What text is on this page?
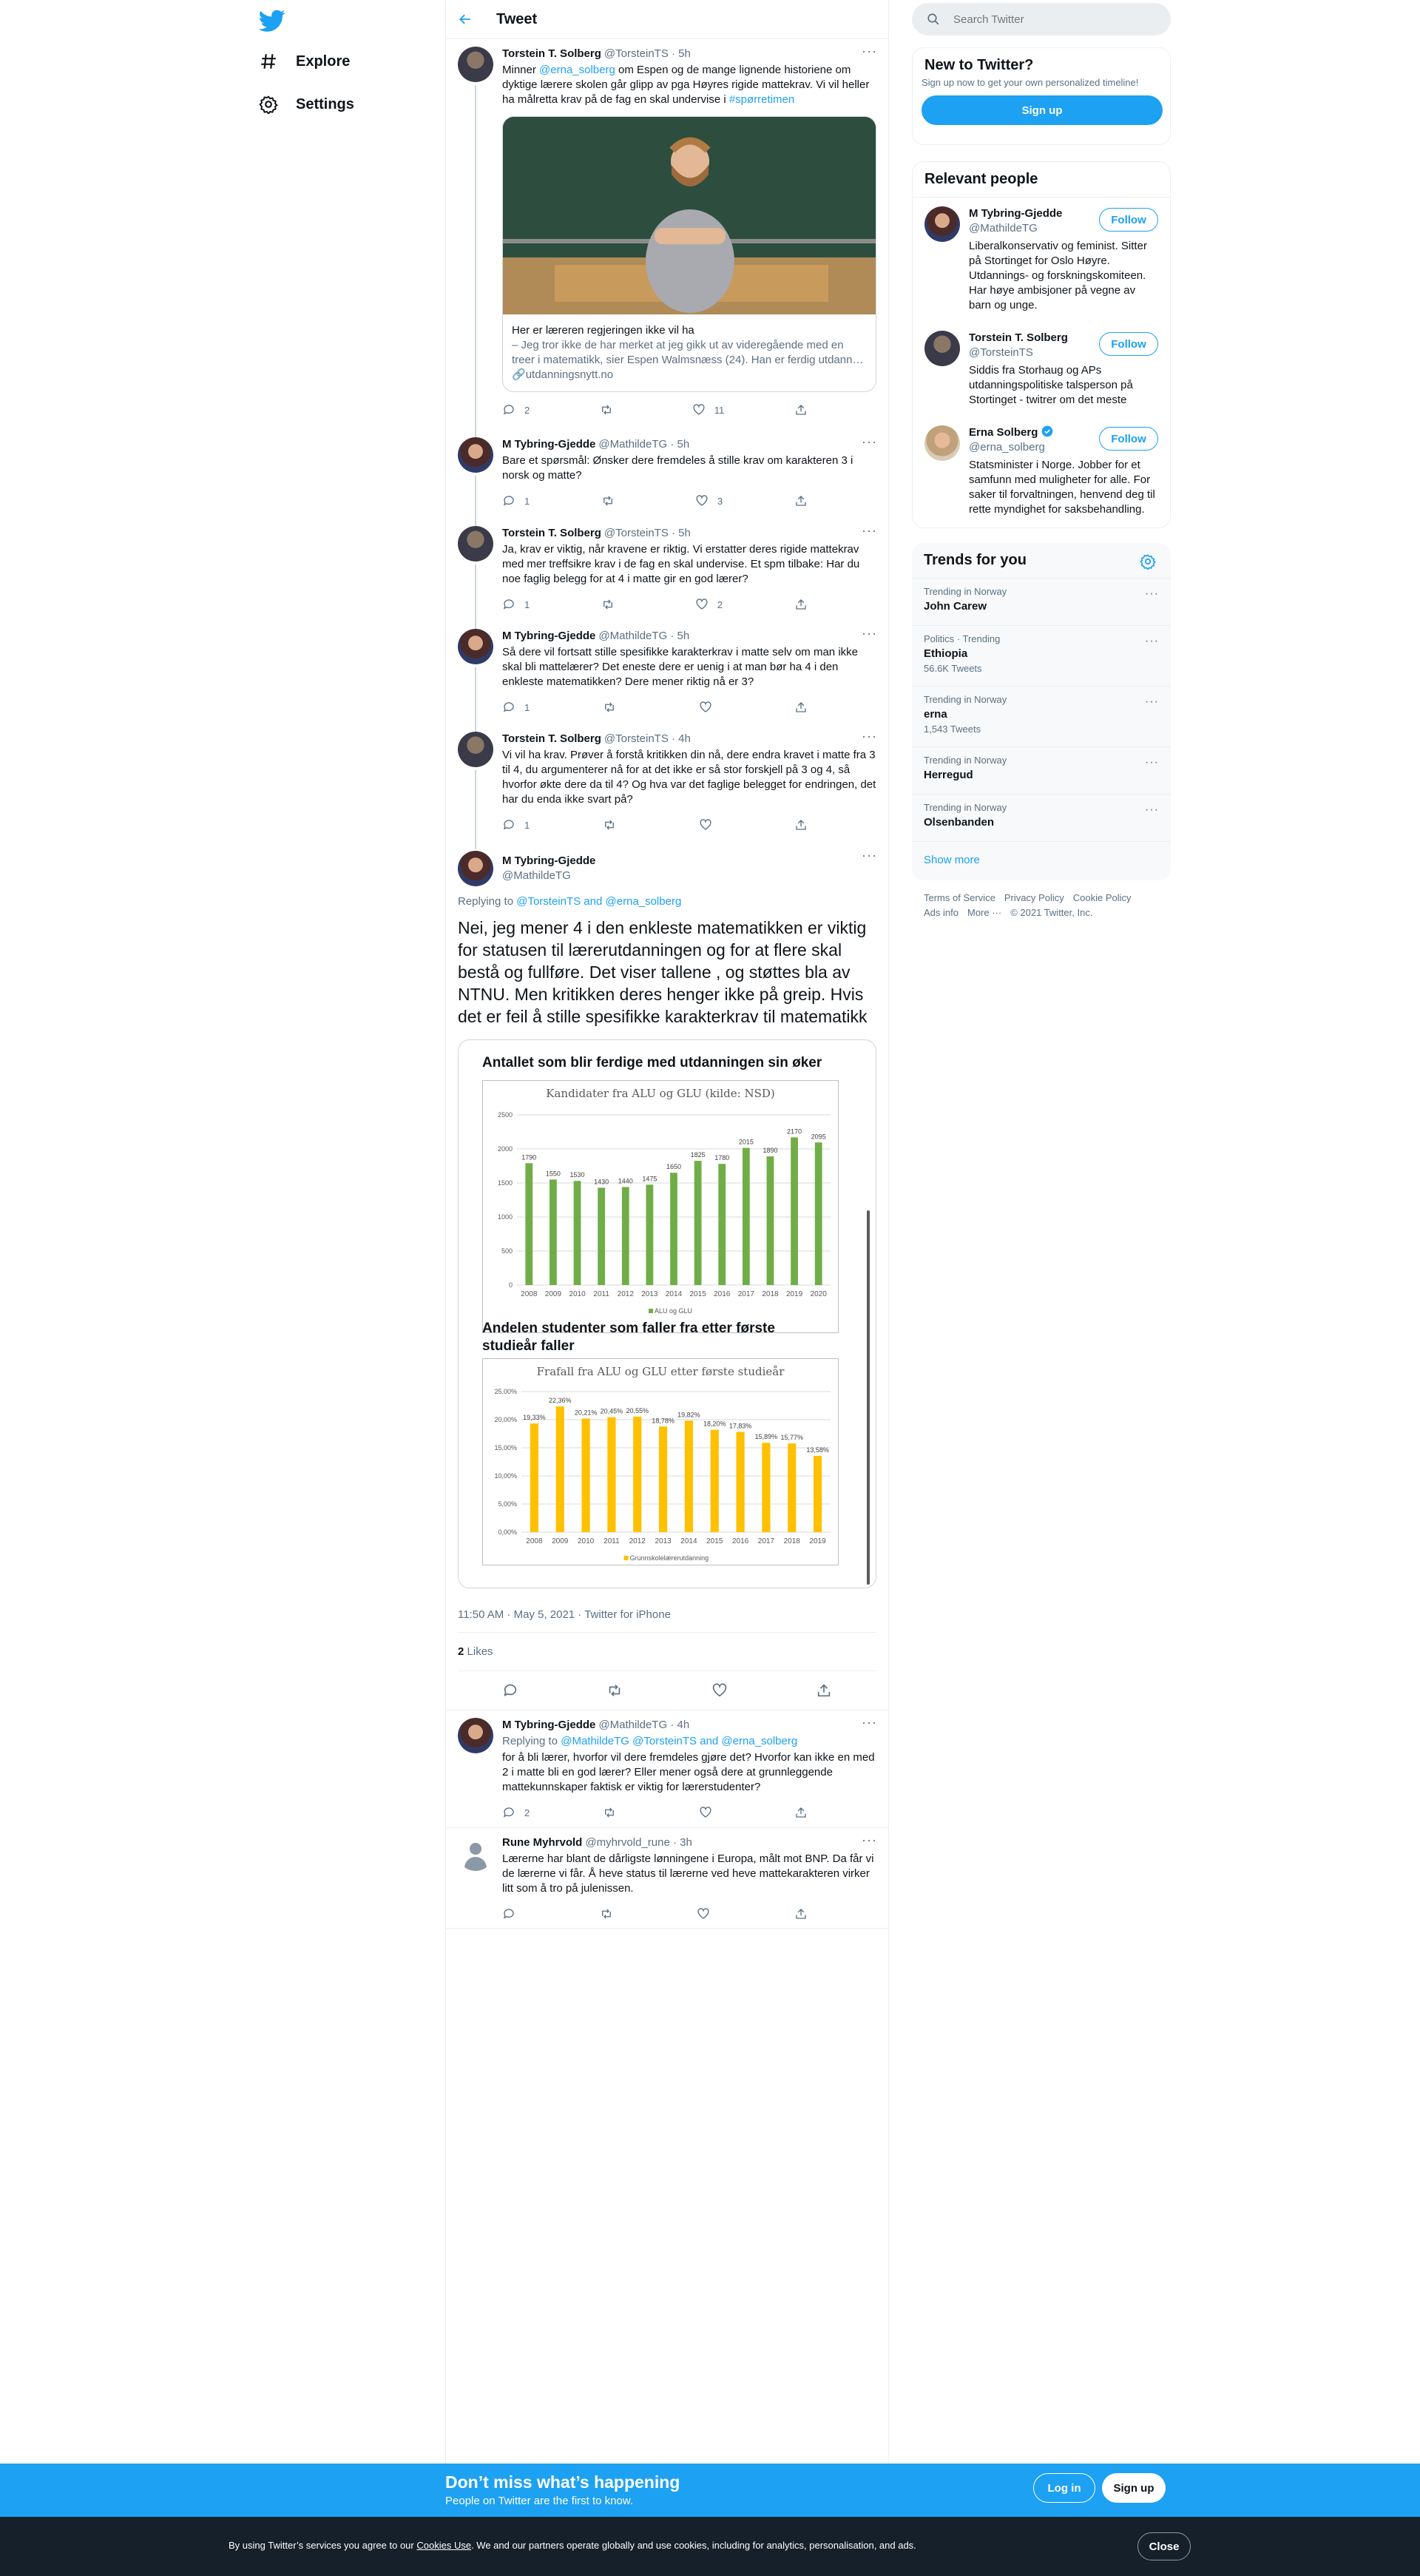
Explore
Settings
Tweet
Torstein T. Solberg @TorsteinTS · 5h
Minner @erna_solberg om Espen og de mange lignende historiene om dyktige lærere skolen går glipp av pga Høyres rigide mattekrav. Vi vil heller ha målretta krav på de fag en skal undervise i #spørretimen
Her er læreren regjeringen ikke vil ha
– Jeg tror ikke de har merket at jeg gikk ut av videregående med en treer i matematikk, sier Espen Walmsnæss (24). Han er ferdig utdann…
🔗utdanningsnytt.no
2	11
···
M Tybring-Gjedde @MathildeTG · 5h
Bare et spørsmål: Ønsker dere fremdeles å stille krav om karakteren 3 i norsk og matte?
1	3
···
Torstein T. Solberg @TorsteinTS · 5h
Ja, krav er viktig, når kravene er riktig. Vi erstatter deres rigide mattekrav med mer treffsikre krav i de fag en skal undervise. Et spm tilbake: Har du noe faglig belegg for at 4 i matte gir en god lærer?
1	2
···
M Tybring-Gjedde @MathildeTG · 5h
Så dere vil fortsatt stille spesifikke karakterkrav i matte selv om man ikke skal bli mattelærer? Det eneste dere er uenig i at man bør ha 4 i den enkleste matematikken? Dere mener riktig nå er 3?
1
···
Torstein T. Solberg @TorsteinTS · 4h
Vi vil ha krav. Prøver å forstå kritikken din nå, dere endra kravet i matte fra 3 til 4, du argumenterer nå for at det ikke er så stor forskjell på 3 og 4, så hvorfor økte dere da til 4? Og hva var det faglige belegget for endringen, det har du enda ikke svart på?
1
···
M Tybring-Gjedde
@MathildeTG
···
Replying to @TorsteinTS and @erna_solberg
Nei, jeg mener 4 i den enkleste matematikken er viktig for statusen til lærerutdanningen og for at flere skal bestå og fullføre. Det viser tallene , og støttes bla av NTNU. Men kritikken deres henger ikke på greip. Hvis det er feil å stille spesifikke karakterkrav til matematikk
Antallet som blir ferdige med utdanningen sin øker
Kandidater fra ALU og GLU (kilde: NSD)
0
500
1000
1500
2000
2500
1790
2008
1550
2009
1530
2010
1430
2011
1440
2012
1475
2013
1650
2014
1825
2015
1780
2016
2015
2017
1890
2018
2170
2019
2095
2020
ALU og GLU
Andelen studenter som faller fra etter første studieår faller
Frafall fra ALU og GLU etter første studieår
0,00%
5,00%
10,00%
15,00%
20,00%
25,00%
19,33%
2008
22,36%
2009
20,21%
2010
20,45%
2011
20,55%
2012
18,78%
2013
19,82%
2014
18,20%
2015
17,83%
2016
15,89%
2017
15,77%
2018
13,58%
2019
Grunnskolelærerutdanning
11:50 AM · May 5, 2021 · Twitter for iPhone
2 Likes
M Tybring-Gjedde @MathildeTG · 4h
Replying to @MathildeTG @TorsteinTS and @erna_solberg
for å bli lærer, hvorfor vil dere fremdeles gjøre det? Hvorfor kan ikke en med 2 i matte bli en god lærer? Eller mener også dere at grunnleggende mattekunnskaper faktisk er viktig for lærerstudenter?
2
···
Rune Myhrvold @myhrvold_rune · 3h
Lærerne har blant de dårligste lønningene i Europa, målt mot BNP. Da får vi de lærerne vi får. Å heve status til lærerne ved heve mattekarakteren virker litt som å tro på julenissen.
···
Search Twitter
New to Twitter?
Sign up now to get your own personalized timeline!
Sign up
Relevant people
M Tybring-Gjedde
@MathildeTG
Liberalkonservativ og feminist. Sitter på Stortinget for Oslo Høyre. Utdannings- og forskningskomiteen. Har høye ambisjoner på vegne av barn og unge.
Follow
Torstein T. Solberg
@TorsteinTS
Siddis fra Storhaug og APs utdanningspolitiske talsperson på Stortinget - twitrer om det meste
Follow
Erna Solberg
@erna_solberg
Statsminister i Norge. Jobber for et samfunn med muligheter for alle. For saker til forvaltningen, henvend deg til rette myndighet for saksbehandling.
Follow
Trends for you
Trending in Norway
John Carew
···
Politics · Trending
Ethiopia
56.6K Tweets
···
Trending in Norway
erna
1,543 Tweets
···
Trending in Norway
Herregud
···
Trending in Norway
Olsenbanden
···
Show more
Terms of Service Privacy Policy Cookie Policy
Ads info More ··· © 2021 Twitter, Inc.
Don’t miss what’s happening
People on Twitter are the first to know.
Log in	Sign up
By using Twitter’s services you agree to our Cookies Use. We and our partners operate globally and use cookies, including for analytics, personalisation, and ads.	Close
